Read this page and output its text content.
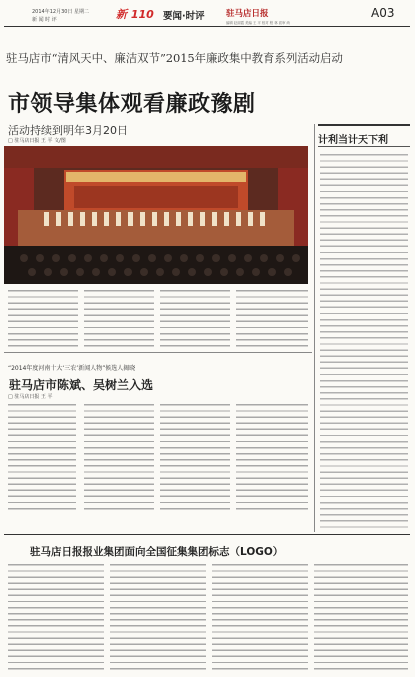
2014年12月30日 星期二
新 闻 时 评	新 110 要闻·时评	驻马店日报
编辑 赵丽霞 美编 王 平 校对 程 林 质审 尚
A03
驻马店市“清风天中、廉洁双节”2015年廉政集中教育系列活动启动
市领导集体观看廉政豫剧
活动持续到明年3月20日
□ 驻马店日报 王 平 文/图
“2014年度河南十大‘三农’新闻人物”候选人揭晓
驻马店市陈斌、吴树兰入选
□ 驻马店日报 王 平
计利当计天下利
驻马店日报报业集团面向全国征集集团标志（LOGO）
